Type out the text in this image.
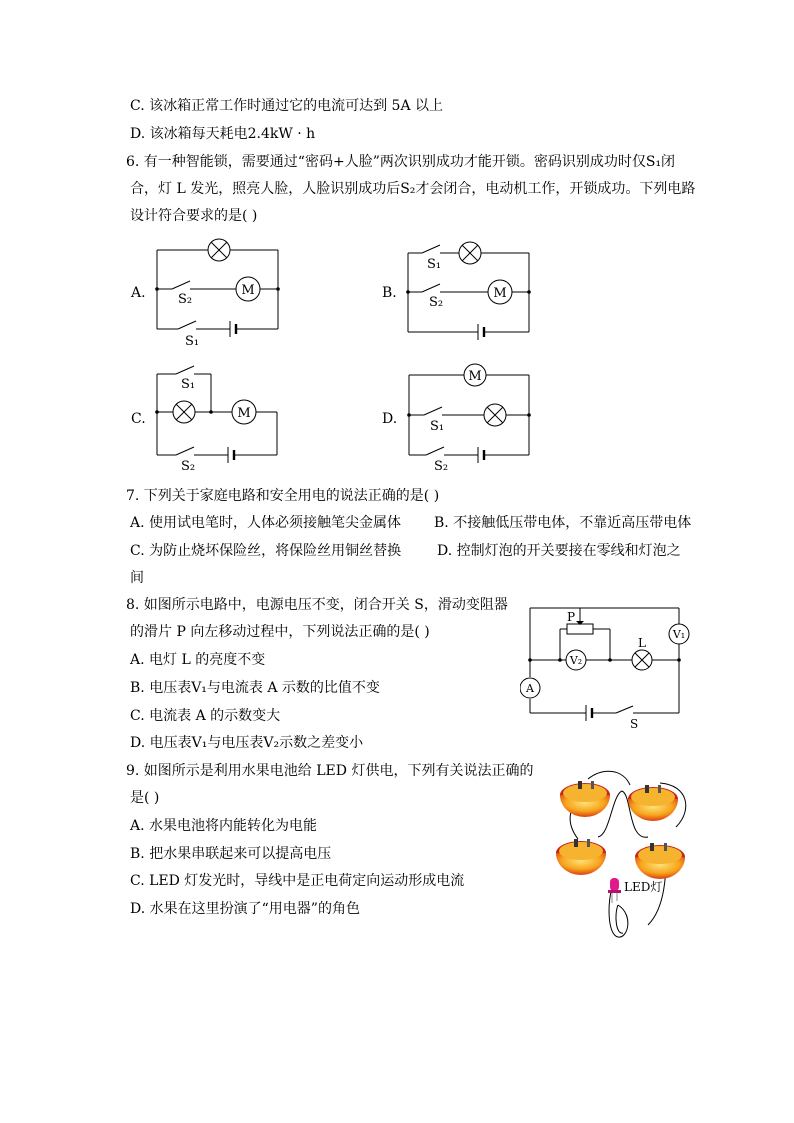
C. 该冰箱正常工作时通过它的电流可达到 5A 以上
D. 该冰箱每天耗电2.4kW · h
6. 有一种智能锁，需要通过“密码+人脸”两次识别成功才能开锁。密码识别成功时仅S₁闭
合，灯 L 发光，照亮人脸，人脸识别成功后S₂才会闭合，电动机工作，开锁成功。下列电路
设计符合要求的是( )
A.	M
S₂
S₁
B.	M
S₁
S₂
C.	M
S₁
S₂
D.
M
S₁
S₂
7. 下列关于家庭电路和安全用电的说法正确的是( )
A. 使用试电笔时，人体必须接触笔尖金属体 B. 不接触低压带电体，不靠近高压带电体
C. 为防止烧坏保险丝，将保险丝用铜丝替换	D. 控制灯泡的开关要接在零线和灯泡之
间
8. 如图所示电路中，电源电压不变，闭合开关 S，滑动变阻器
的滑片 P 向左移动过程中，下列说法正确的是( )
A. 电灯 L 的亮度不变
B. 电压表V₁与电流表 A 示数的比值不变
C. 电流表 A 的示数变大
D. 电压表V₁与电压表V₂示数之差变小
P
L
V₁
V₂
A
S
9. 如图所示是利用水果电池给 LED 灯供电，下列有关说法正确的
是( )
A. 水果电池将内能转化为电能
B. 把水果串联起来可以提高电压
C. LED 灯发光时，导线中是正电荷定向运动形成电流
D. 水果在这里扮演了“用电器”的角色
LED灯
